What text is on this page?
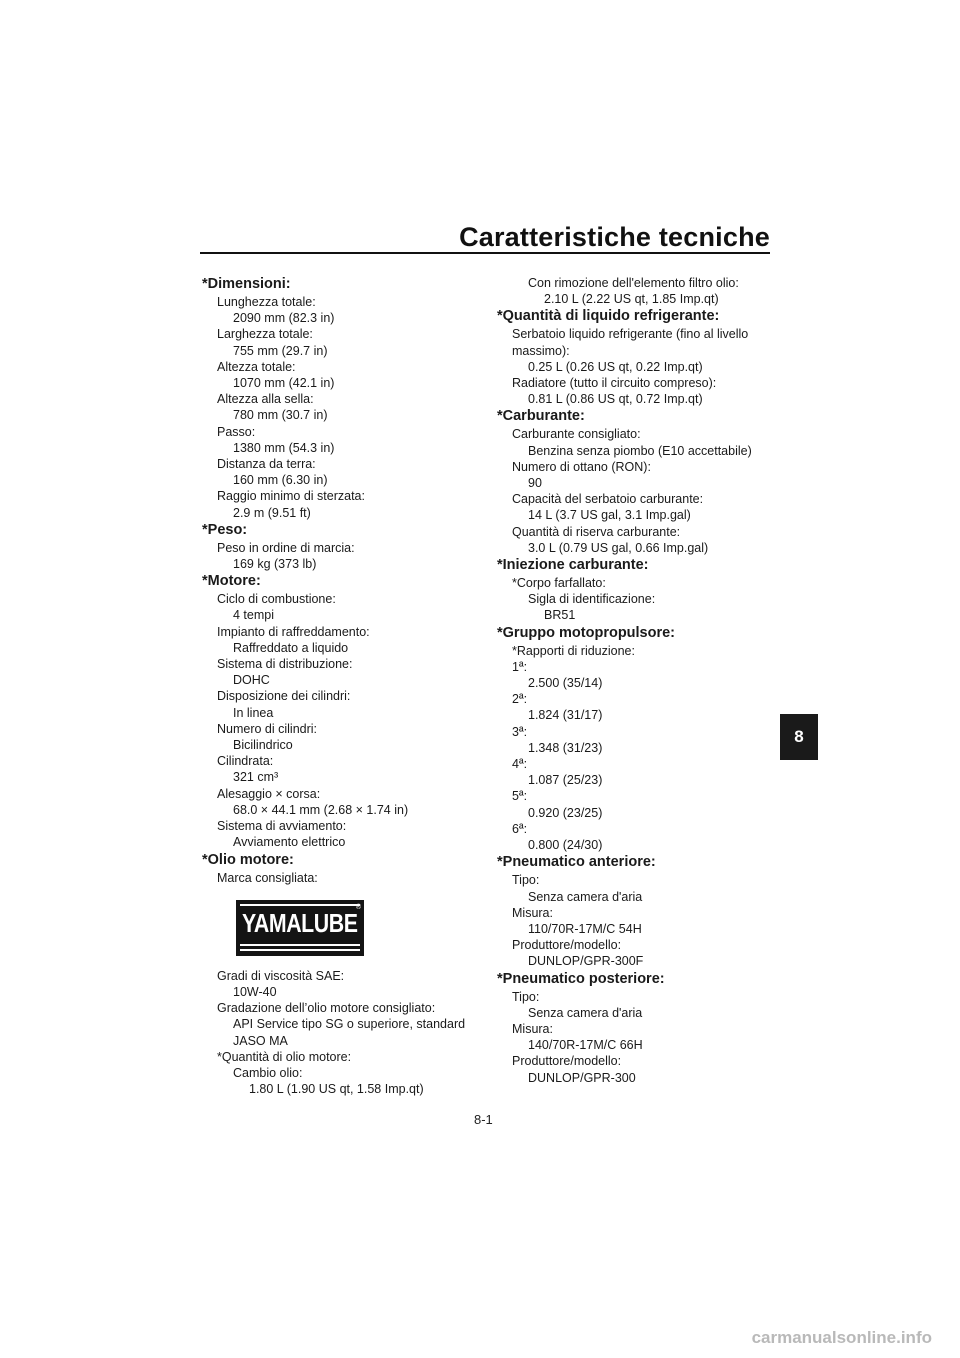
Caratteristiche tecniche
*Dimensioni:
Lunghezza totale:
2090 mm (82.3 in)
Larghezza totale:
755 mm (29.7 in)
Altezza totale:
1070 mm (42.1 in)
Altezza alla sella:
780 mm (30.7 in)
Passo:
1380 mm (54.3 in)
Distanza da terra:
160 mm (6.30 in)
Raggio minimo di sterzata:
2.9 m (9.51 ft)
*Peso:
Peso in ordine di marcia:
169 kg (373 lb)
*Motore:
Ciclo di combustione:
4 tempi
Impianto di raffreddamento:
Raffreddato a liquido
Sistema di distribuzione:
DOHC
Disposizione dei cilindri:
In linea
Numero di cilindri:
Bicilindrico
Cilindrata:
321 cm³
Alesaggio × corsa:
68.0 × 44.1 mm (2.68 × 1.74 in)
Sistema di avviamento:
Avviamento elettrico
*Olio motore:
Marca consigliata:
YAMALUBE
®
Gradi di viscosità SAE:
10W-40
Gradazione dell’olio motore consigliato:
API Service tipo SG o superiore, standard JASO MA
*Quantità di olio motore:
Cambio olio:
1.80 L (1.90 US qt, 1.58 Imp.qt)
Con rimozione dell'elemento filtro olio:
2.10 L (2.22 US qt, 1.85 Imp.qt)
*Quantità di liquido refrigerante:
Serbatoio liquido refrigerante (fino al livello massimo):
0.25 L (0.26 US qt, 0.22 Imp.qt)
Radiatore (tutto il circuito compreso):
0.81 L (0.86 US qt, 0.72 Imp.qt)
*Carburante:
Carburante consigliato:
Benzina senza piombo (E10 accettabile)
Numero di ottano (RON):
90
Capacità del serbatoio carburante:
14 L (3.7 US gal, 3.1 Imp.gal)
Quantità di riserva carburante:
3.0 L (0.79 US gal, 0.66 Imp.gal)
*Iniezione carburante:
*Corpo farfallato:
Sigla di identificazione:
BR51
*Gruppo motopropulsore:
*Rapporti di riduzione:
1ª:
2.500 (35/14)
2ª:
1.824 (31/17)
3ª:
1.348 (31/23)
4ª:
1.087 (25/23)
5ª:
0.920 (23/25)
6ª:
0.800 (24/30)
*Pneumatico anteriore:
Tipo:
Senza camera d'aria
Misura:
110/70R-17M/C 54H
Produttore/modello:
DUNLOP/GPR-300F
*Pneumatico posteriore:
Tipo:
Senza camera d'aria
Misura:
140/70R-17M/C 66H
Produttore/modello:
DUNLOP/GPR-300
8
8-1
carmanualsonline.info
